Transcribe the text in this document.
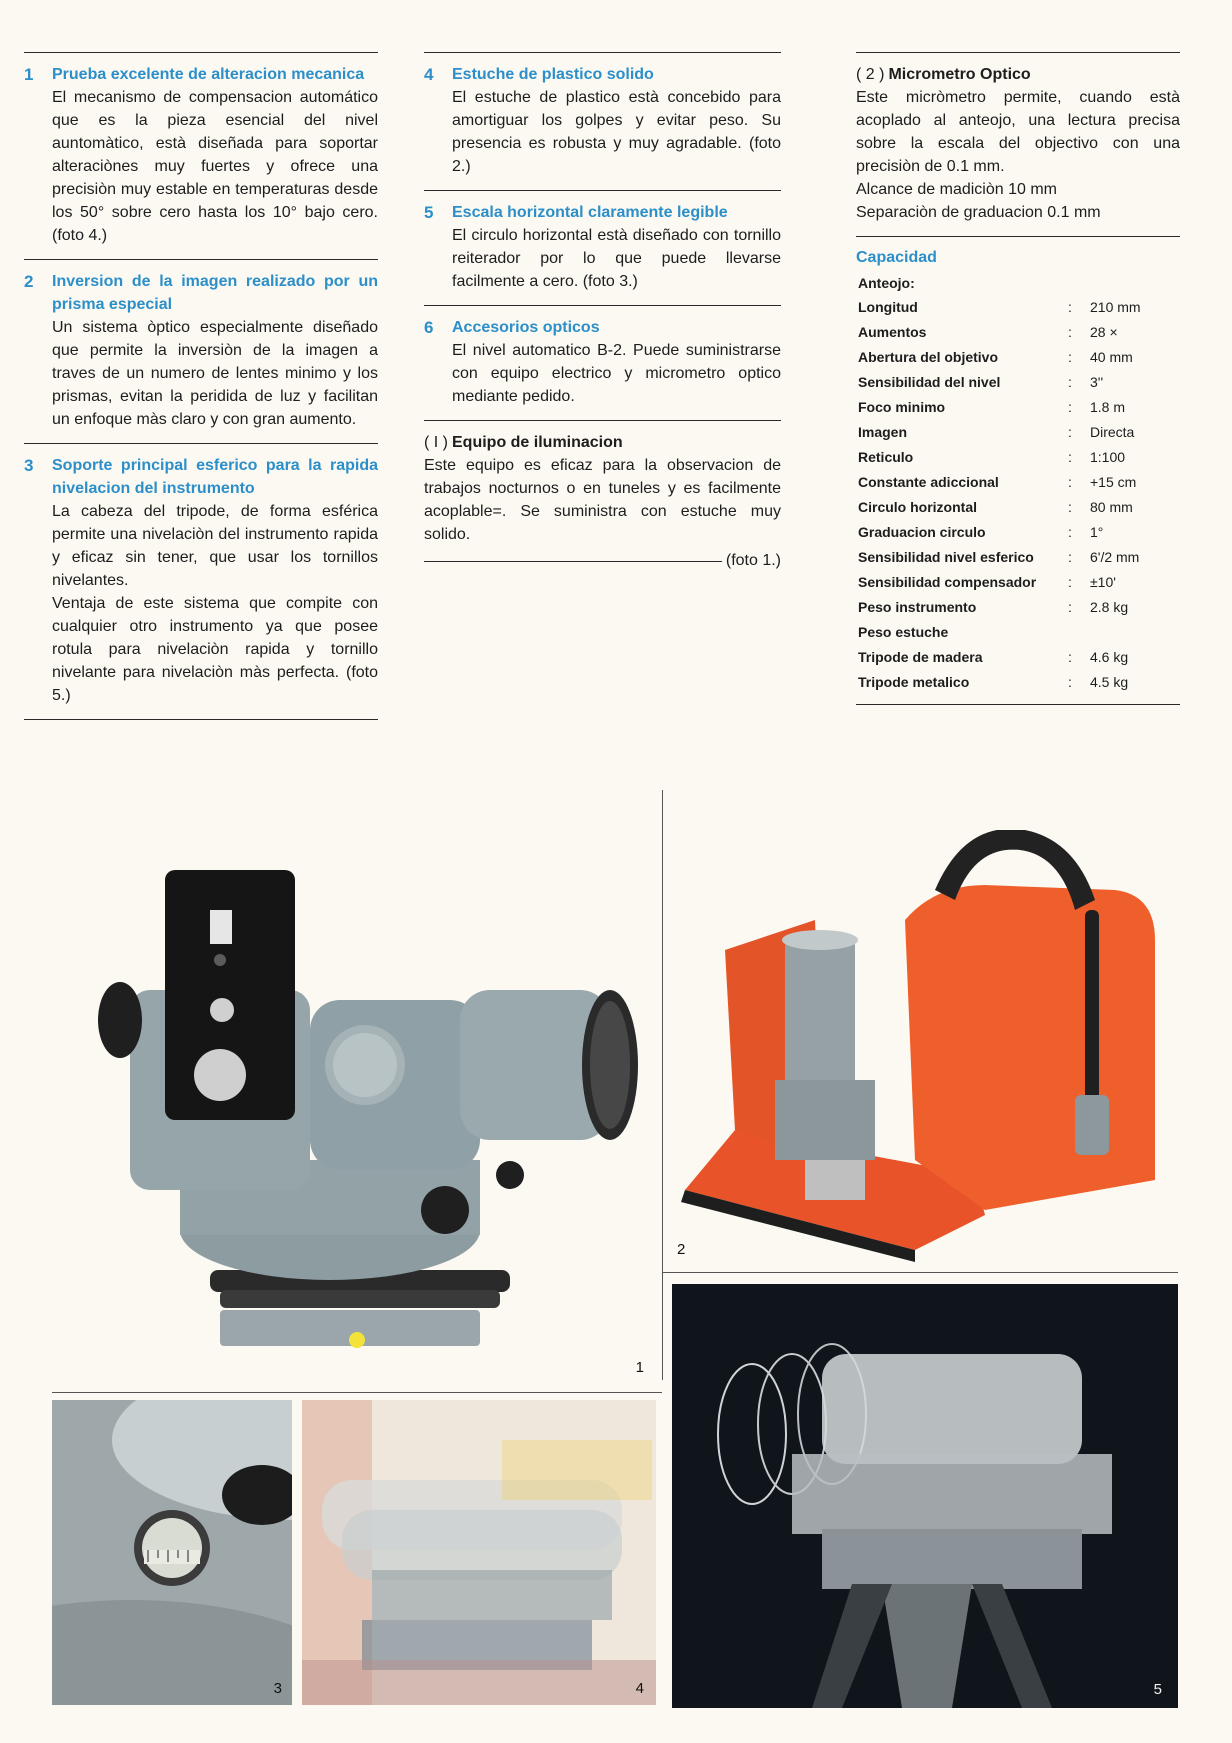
1	Prueba excelente de alteracion mecanica
El mecanismo de compensacion automático que es la pieza esencial del nivel auntomàtico, està diseñada para soportar alteraciònes muy fuertes y ofrece una precisiòn muy estable en temperaturas desde los 50° sobre cero hasta los 10° bajo cero. (foto 4.)
2	Inversion de la imagen realizado por un prisma especial
Un sistema òptico especialmente diseñado que permite la inversiòn de la imagen a traves de un numero de lentes minimo y los prismas, evitan la peridida de luz y facilitan un enfoque màs claro y con gran aumento.
3	Soporte principal esferico para la rapida nivelacion del instrumento
La cabeza del tripode, de forma esférica permite una nivelaciòn del instrumento rapida y eficaz sin tener, que usar los tornillos nivelantes.
Ventaja de este sistema que compite con cualquier otro instrumento ya que posee rotula para nivelaciòn rapida y tornillo nivelante para nivelaciòn màs perfecta. (foto 5.)
4	Estuche de plastico solido
El estuche de plastico està concebido para amortiguar los golpes y evitar peso. Su presencia es robusta y muy agradable. (foto 2.)
5	Escala horizontal claramente legible
El circulo horizontal està diseñado con tornillo reiterador por lo que puede llevarse facilmente a cero. (foto 3.)
6	Accesorios opticos
El nivel automatico B-2. Puede suministrarse con equipo electrico y micrometro optico mediante pedido.
( I ) Equipo de iluminacion
Este equipo es eficaz para la observacion de trabajos nocturnos o en tuneles y es facilmente acoplable=. Se suministra con estuche muy solido.
(foto 1.)
( 2 ) Micrometro Optico
Este micròmetro permite, cuando està acoplado al anteojo, una lectura precisa sobre la escala del objectivo con una precisiòn de 0.1 mm.
Alcance de madiciòn 10 mm
Separaciòn de graduacion 0.1 mm
Capacidad
Anteojo:
Longitud	:	210 mm
Aumentos	:	28 ×
Abertura del objetivo	:	40 mm
Sensibilidad del nivel	:	3''
Foco minimo	:	1.8 m
Imagen	:	Directa
Reticulo	:	1:100
Constante adiccional	:	+15 cm
Circulo horizontal	:	80 mm
Graduacion circulo	:	1°
Sensibilidad nivel esferico	:	6'/2 mm
Sensibilidad compensador	:	±10'
Peso instrumento	:	2.8 kg
Peso estuche		
Tripode de madera	:	4.6 kg
Tripode metalico	:	4.5 kg
1
2
3	4	5
